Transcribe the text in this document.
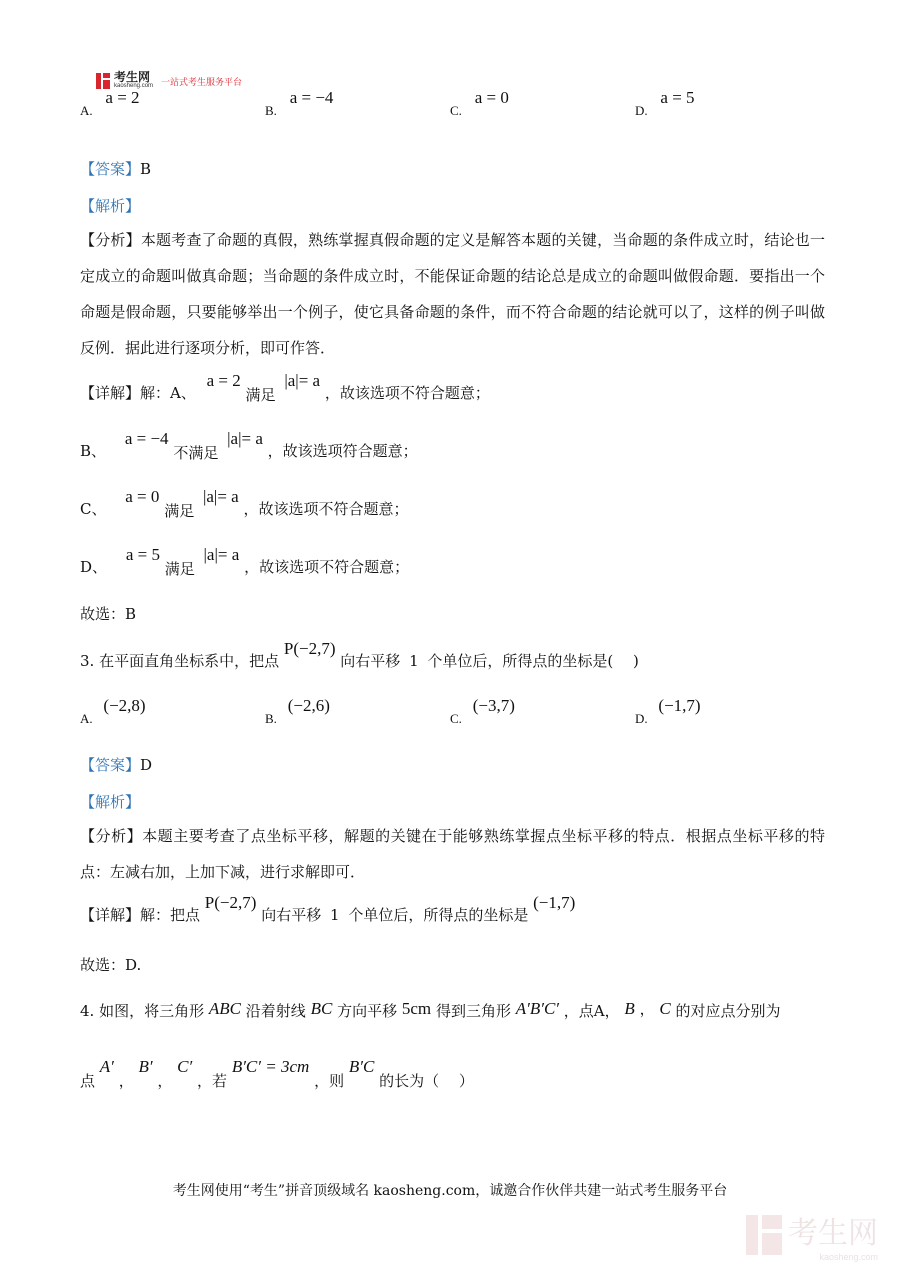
考生网
kaosheng.com 一站式考生服务平台
A. a = 2
B. a = −4
C. a = 0
D. a = 5
【答案】B
【解析】
【分析】本题考查了命题的真假，熟练掌握真假命题的定义是解答本题的关键，当命题的条件成立时，结论也一定成立的命题叫做真命题；当命题的条件成立时，不能保证命题的结论总是成立的命题叫做假命题．要指出一个命题是假命题，只要能够举出一个例子，使它具备命题的条件，而不符合命题的结论就可以了，这样的例子叫做反例．据此进行逐项分析，即可作答．
【详解】解：A、 a = 2 满足 |a|= a ，故该选项不符合题意；
B、 a = −4 不满足 |a|= a ，故该选项符合题意；
C、 a = 0 满足 |a|= a ，故该选项不符合题意；
D、 a = 5 满足 |a|= a ，故该选项不符合题意；
故选：B
3. 在平面直角坐标系中，把点 P(−2,7) 向右平移 1 个单位后，所得点的坐标是(　 )
A. (−2,8)
B. (−2,6)
C. (−3,7)
D. (−1,7)
【答案】D
【解析】
【分析】本题主要考查了点坐标平移，解题的关键在于能够熟练掌握点坐标平移的特点．根据点坐标平移的特点：左减右加，上加下减，进行求解即可．
【详解】解：把点 P(−2,7) 向右平移 1 个单位后，所得点的坐标是 (−1,7)
故选：D.
4. 如图，将三角形 ABC 沿着射线 BC 方向平移 5cm 得到三角形 A′B′C′ ，点A， B ， C 的对应点分别为
点 A′ ， B′ ， C′ ，若 B′C′ = 3cm ，则 B′C 的长为（　 ）
考生网使用“考生”拼音顶级域名 kaosheng.com，诚邀合作伙伴共建一站式考生服务平台
考生网
kaosheng.com
